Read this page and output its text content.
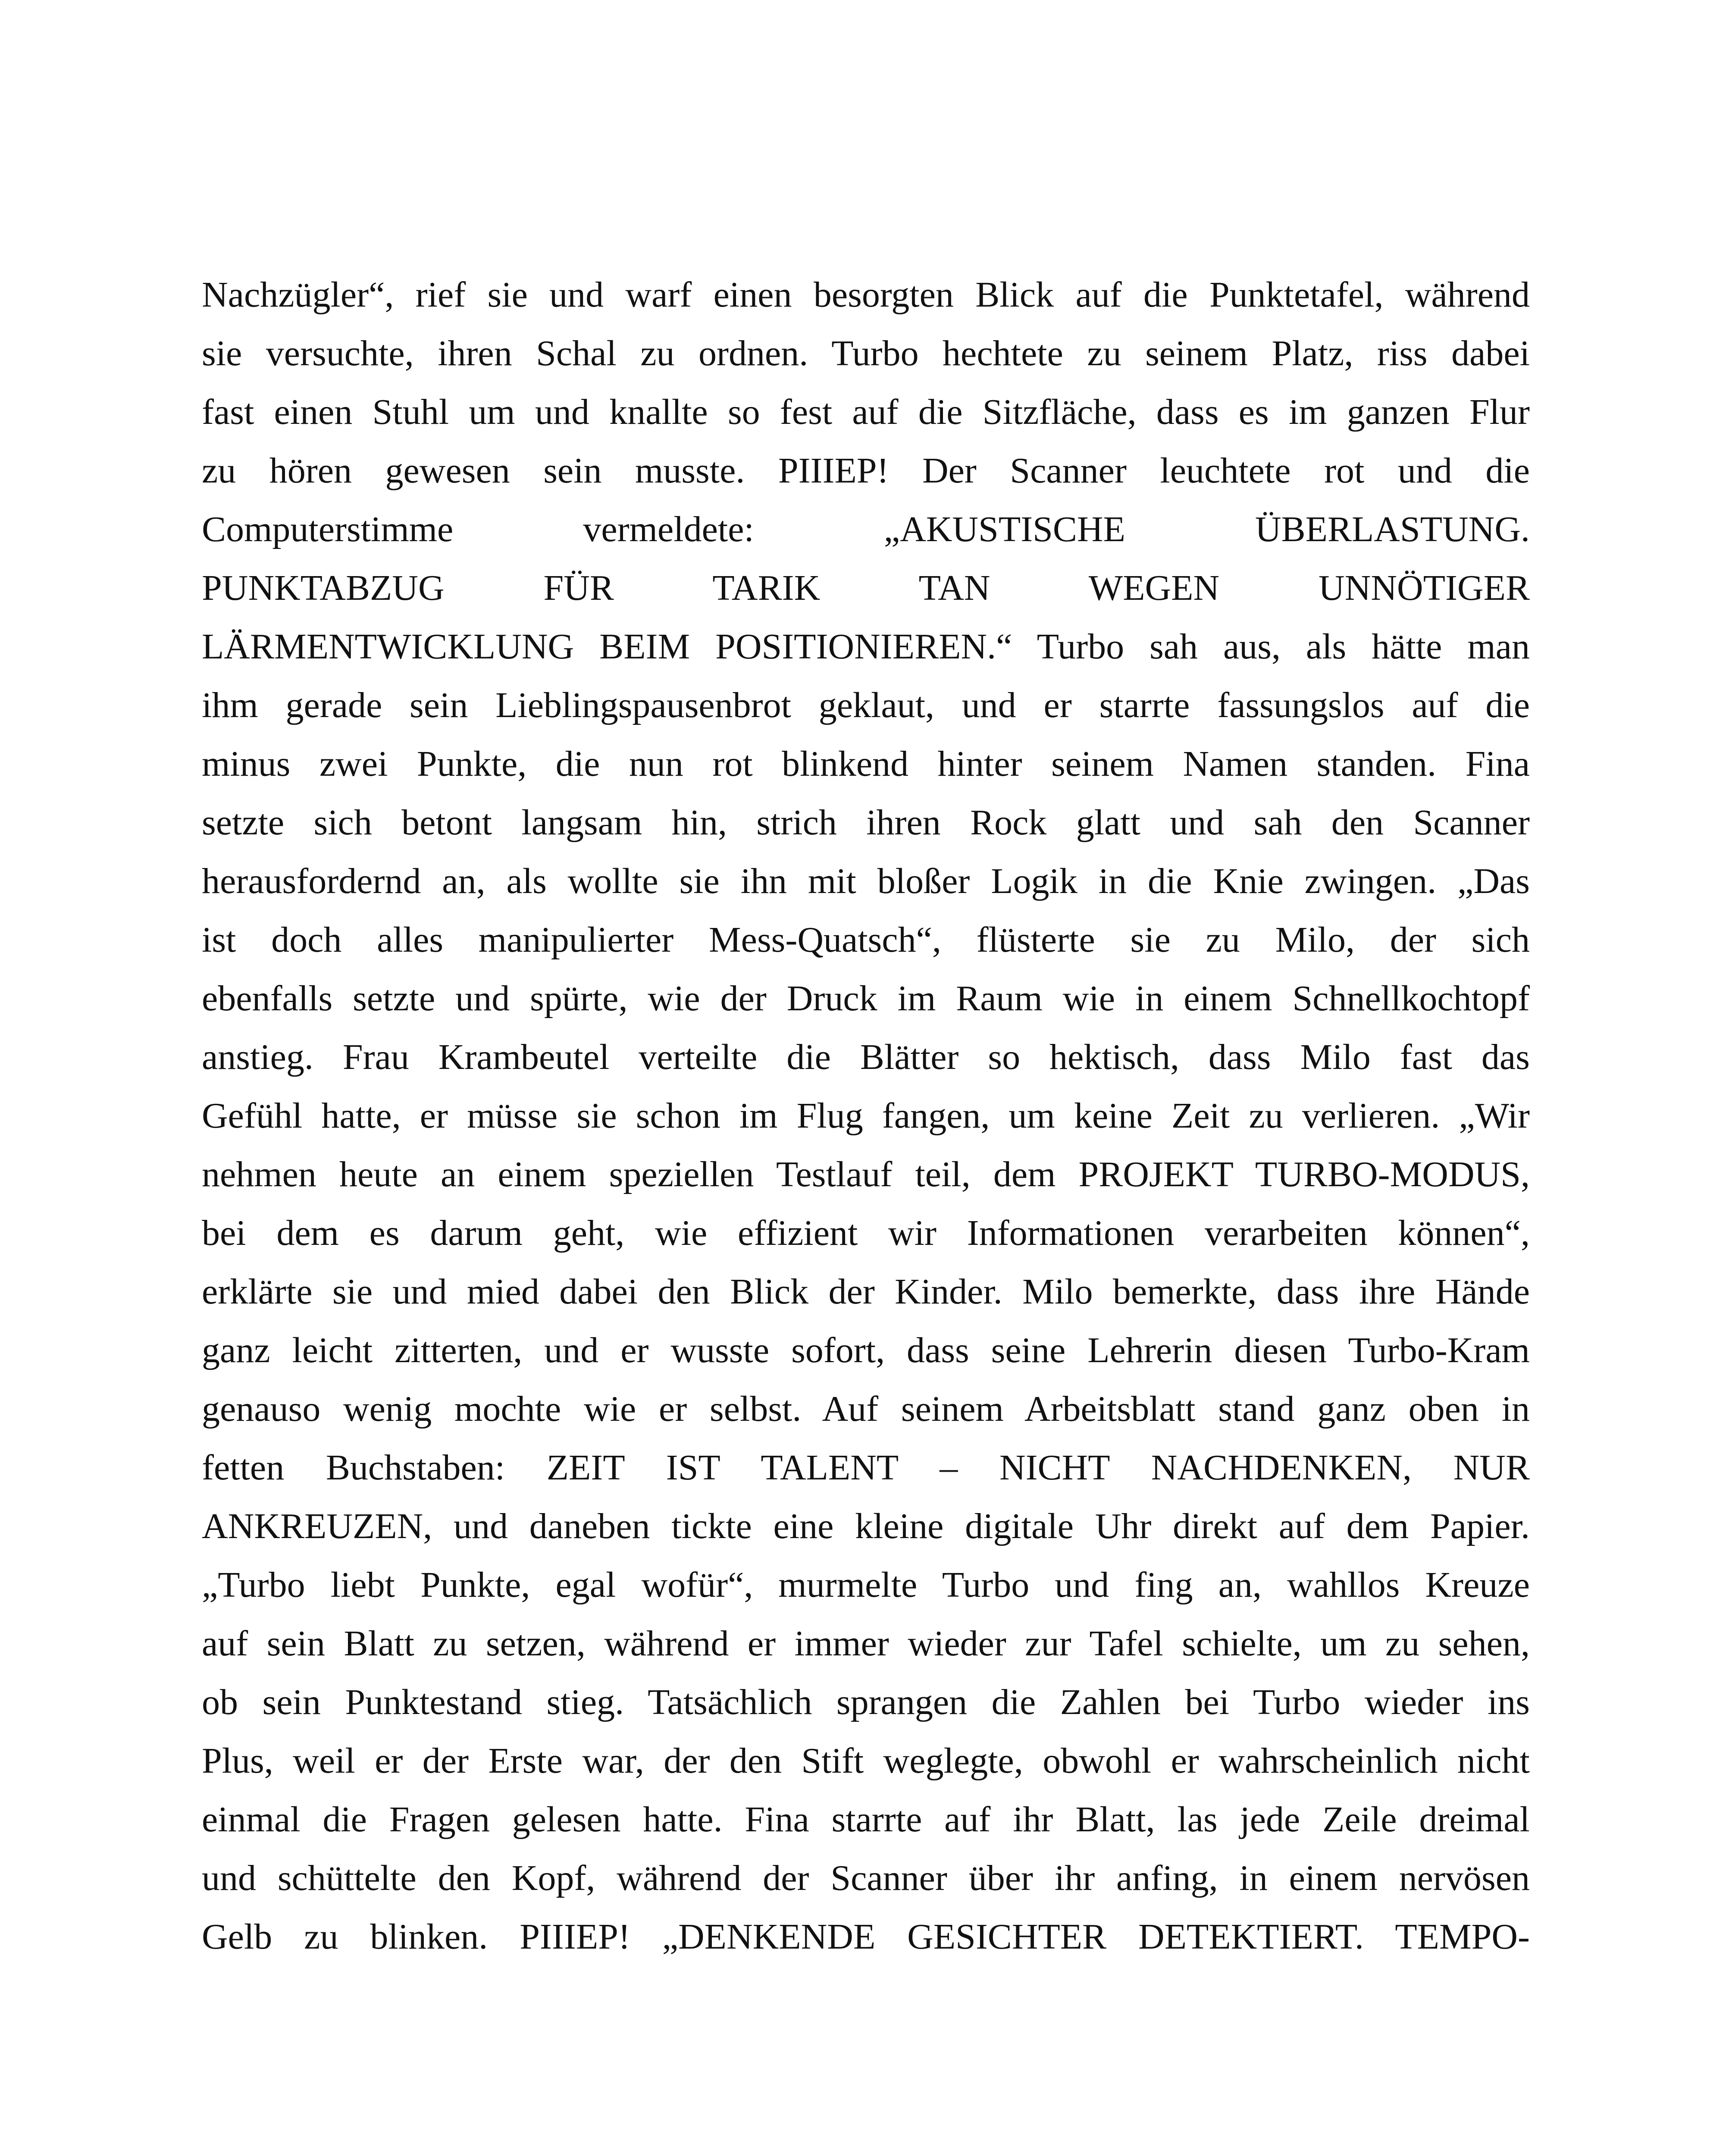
Nachzügler“, rief sie und warf einen besorgten Blick auf die Punktetafel, während
sie versuchte, ihren Schal zu ordnen. Turbo hechtete zu seinem Platz, riss dabei
fast einen Stuhl um und knallte so fest auf die Sitzfläche, dass es im ganzen Flur
zu hören gewesen sein musste. PIIIEP! Der Scanner leuchtete rot und die
Computerstimme vermeldete: „AKUSTISCHE ÜBERLASTUNG.
PUNKTABZUG FÜR TARIK TAN WEGEN UNNÖTIGER
LÄRMENTWICKLUNG BEIM POSITIONIEREN.“ Turbo sah aus, als hätte man
ihm gerade sein Lieblingspausenbrot geklaut, und er starrte fassungslos auf die
minus zwei Punkte, die nun rot blinkend hinter seinem Namen standen. Fina
setzte sich betont langsam hin, strich ihren Rock glatt und sah den Scanner
herausfordernd an, als wollte sie ihn mit bloßer Logik in die Knie zwingen. „Das
ist doch alles manipulierter Mess-Quatsch“, flüsterte sie zu Milo, der sich
ebenfalls setzte und spürte, wie der Druck im Raum wie in einem Schnellkochtopf
anstieg. Frau Krambeutel verteilte die Blätter so hektisch, dass Milo fast das
Gefühl hatte, er müsse sie schon im Flug fangen, um keine Zeit zu verlieren. „Wir
nehmen heute an einem speziellen Testlauf teil, dem PROJEKT TURBO-MODUS,
bei dem es darum geht, wie effizient wir Informationen verarbeiten können“,
erklärte sie und mied dabei den Blick der Kinder. Milo bemerkte, dass ihre Hände
ganz leicht zitterten, und er wusste sofort, dass seine Lehrerin diesen Turbo-Kram
genauso wenig mochte wie er selbst. Auf seinem Arbeitsblatt stand ganz oben in
fetten Buchstaben: ZEIT IST TALENT – NICHT NACHDENKEN, NUR
ANKREUZEN, und daneben tickte eine kleine digitale Uhr direkt auf dem Papier.
„Turbo liebt Punkte, egal wofür“, murmelte Turbo und fing an, wahllos Kreuze
auf sein Blatt zu setzen, während er immer wieder zur Tafel schielte, um zu sehen,
ob sein Punktestand stieg. Tatsächlich sprangen die Zahlen bei Turbo wieder ins
Plus, weil er der Erste war, der den Stift weglegte, obwohl er wahrscheinlich nicht
einmal die Fragen gelesen hatte. Fina starrte auf ihr Blatt, las jede Zeile dreimal
und schüttelte den Kopf, während der Scanner über ihr anfing, in einem nervösen
Gelb zu blinken. PIIIEP! „DENKENDE GESICHTER DETEKTIERT. TEMPO-
